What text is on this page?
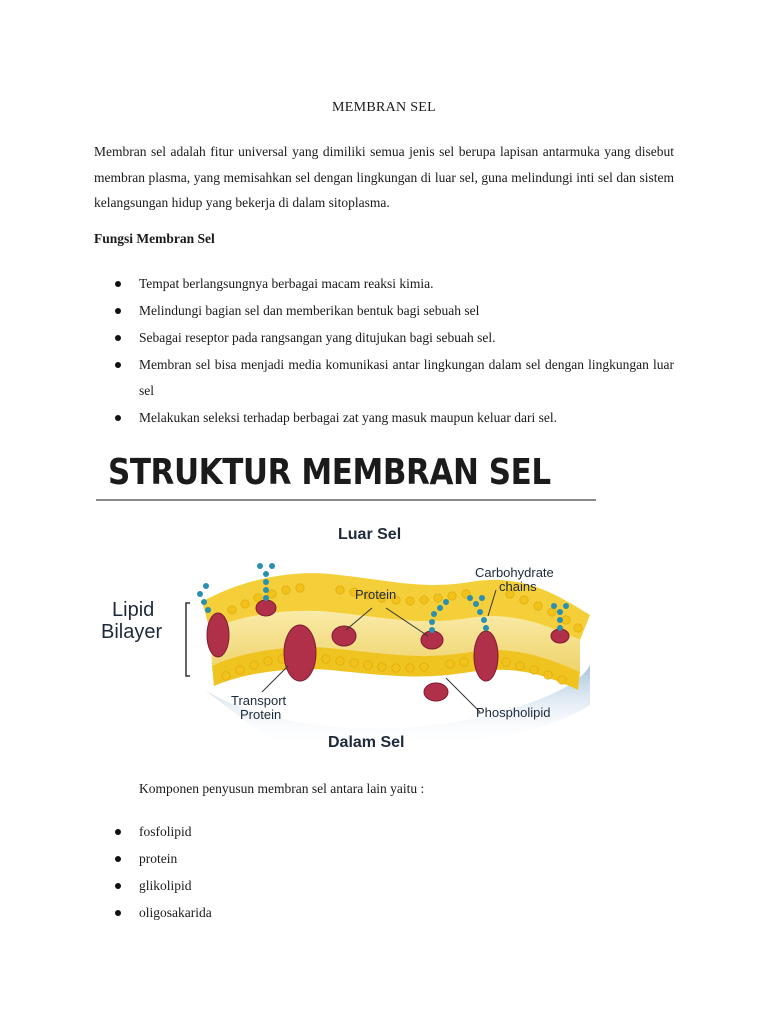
MEMBRAN SEL

Membran sel adalah fitur universal yang dimiliki semua jenis sel berupa lapisan antarmuka yang disebut membran plasma, yang memisahkan sel dengan lingkungan di luar sel, guna melindungi inti sel dan sistem kelangsungan hidup yang bekerja di dalam sitoplasma.

Fungsi Membran Sel
Tempat berlangsungnya berbagai macam reaksi kimia.
Melindungi bagian sel dan memberikan bentuk bagi sebuah sel
Sebagai reseptor pada rangsangan yang ditujukan bagi sebuah sel.
Membran sel bisa menjadi media komunikasi antar lingkungan dalam sel dengan lingkungan luar sel
Melakukan seleksi terhadap berbagai zat yang masuk maupun keluar dari sel.
STRUKTUR MEMBRAN SEL
Luar Sel
Lipid
Bilayer
Protein
Carbohydrate
chains
Transport
Protein	Phospholipid
Dalam Sel
Komponen penyusun membran sel antara lain yaitu :
fosfolipid
protein
glikolipid
oligosakarida
